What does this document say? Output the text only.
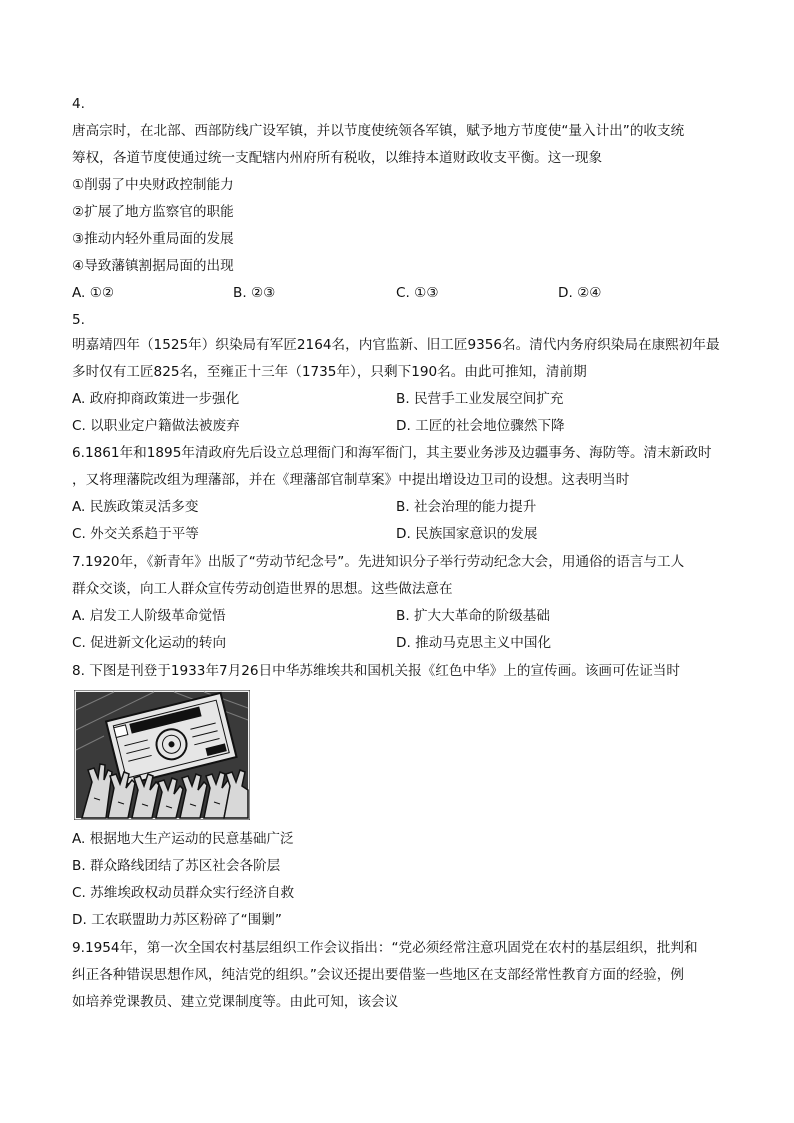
4.
唐高宗时，在北部、西部防线广设军镇，并以节度使统领各军镇，赋予地方节度使“量入计出”的收支统
筹权，各道节度使通过统一支配辖内州府所有税收，以维持本道财政收支平衡。这一现象
①削弱了中央财政控制能力
②扩展了地方监察官的职能
③推动内轻外重局面的发展
④导致藩镇割据局面的出现
A. ①②	B. ②③	C. ①③	D. ②④
5.
明嘉靖四年（1525年）织染局有军匠2164名，内官监新、旧工匠9356名。清代内务府织染局在康熙初年最
多时仅有工匠825名，至雍正十三年（1735年），只剩下190名。由此可推知，清前期
A. 政府抑商政策进一步强化	B. 民营手工业发展空间扩充
C. 以职业定户籍做法被废弃	D. 工匠的社会地位骤然下降
6.1861年和1895年清政府先后设立总理衙门和海军衙门，其主要业务涉及边疆事务、海防等。清末新政时
，又将理藩院改组为理藩部，并在《理藩部官制草案》中提出增设边卫司的设想。这表明当时
A. 民族政策灵活多变	B. 社会治理的能力提升
C. 外交关系趋于平等	D. 民族国家意识的发展
7.1920年，《新青年》出版了“劳动节纪念号”。先进知识分子举行劳动纪念大会，用通俗的语言与工人
群众交谈，向工人群众宣传劳动创造世界的思想。这些做法意在
A. 启发工人阶级革命觉悟	B. 扩大大革命的阶级基础
C. 促进新文化运动的转向	D. 推动马克思主义中国化
8. 下图是刊登于1933年7月26日中华苏维埃共和国机关报《红色中华》上的宣传画。该画可佐证当时
A. 根据地大生产运动的民意基础广泛
B. 群众路线团结了苏区社会各阶层
C. 苏维埃政权动员群众实行经济自救
D. 工农联盟助力苏区粉碎了“围剿”
9.1954年，第一次全国农村基层组织工作会议指出：“党必须经常注意巩固党在农村的基层组织，批判和
纠正各种错误思想作风，纯洁党的组织。”会议还提出要借鉴一些地区在支部经常性教育方面的经验，例
如培养党课教员、建立党课制度等。由此可知，该会议
